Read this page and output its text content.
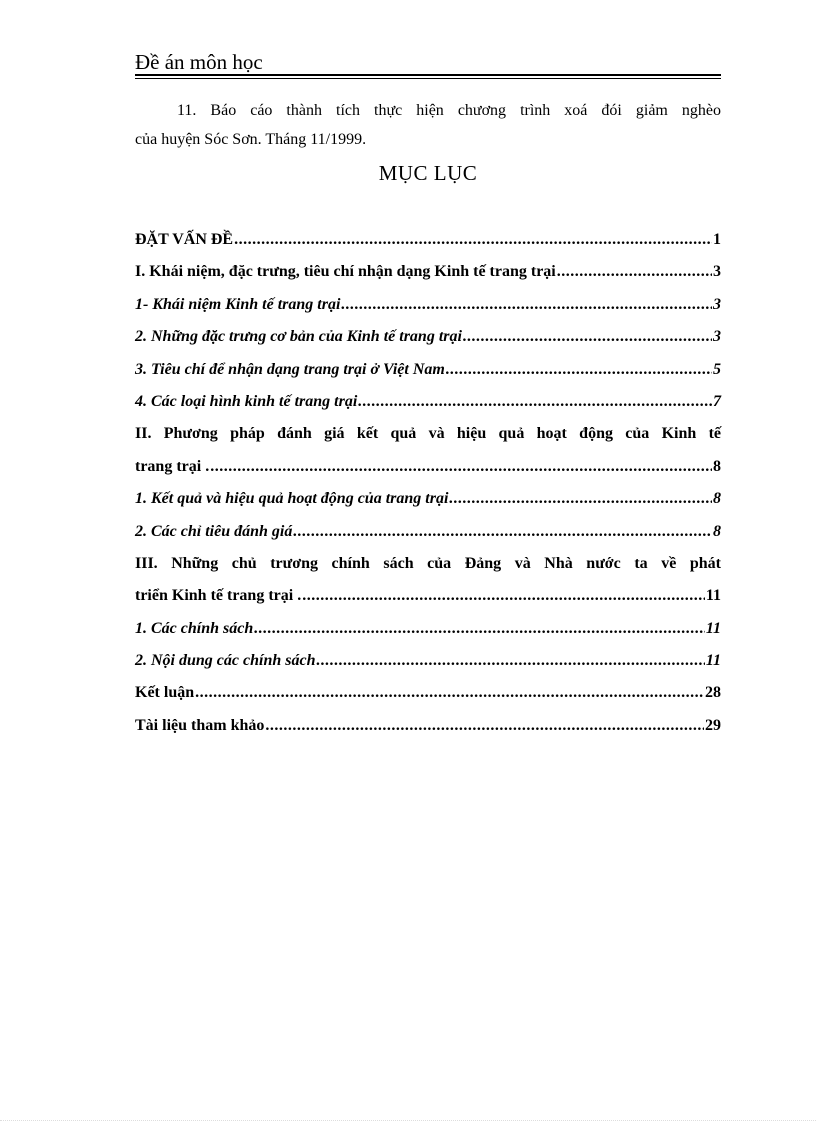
Đề án môn học
11. Báo cáo thành tích thực hiện chương trình xoá đói giảm nghèo
của huyện Sóc Sơn. Tháng 11/1999.
MỤC LỤC
ĐẶT VẤN ĐỀ .....	1
I. Khái niệm, đặc trưng, tiêu chí nhận dạng Kinh tế trang trại .....	3
1- Khái niệm Kinh tế trang trại .....	3
2. Những đặc trưng cơ bản của Kinh tế trang trại .....	3
3. Tiêu chí để nhận dạng trang trại ở Việt Nam .....	5
4. Các loại hình kinh tế trang trại .....	7
II. Phương pháp đánh giá kết quả và hiệu quả hoạt động của Kinh tế
trang trại . .....	8
1. Kết quả và hiệu quả hoạt động của trang trại .....	8
2. Các chỉ tiêu đánh giá .....	8
III. Những chủ trương chính sách của Đảng và Nhà nước ta về phát
triển Kinh tế trang trại . .....	11
1. Các chính sách .....	11
2. Nội dung các chính sách .....	11
Kết luận .....	28
Tài liệu tham khảo .....	29
